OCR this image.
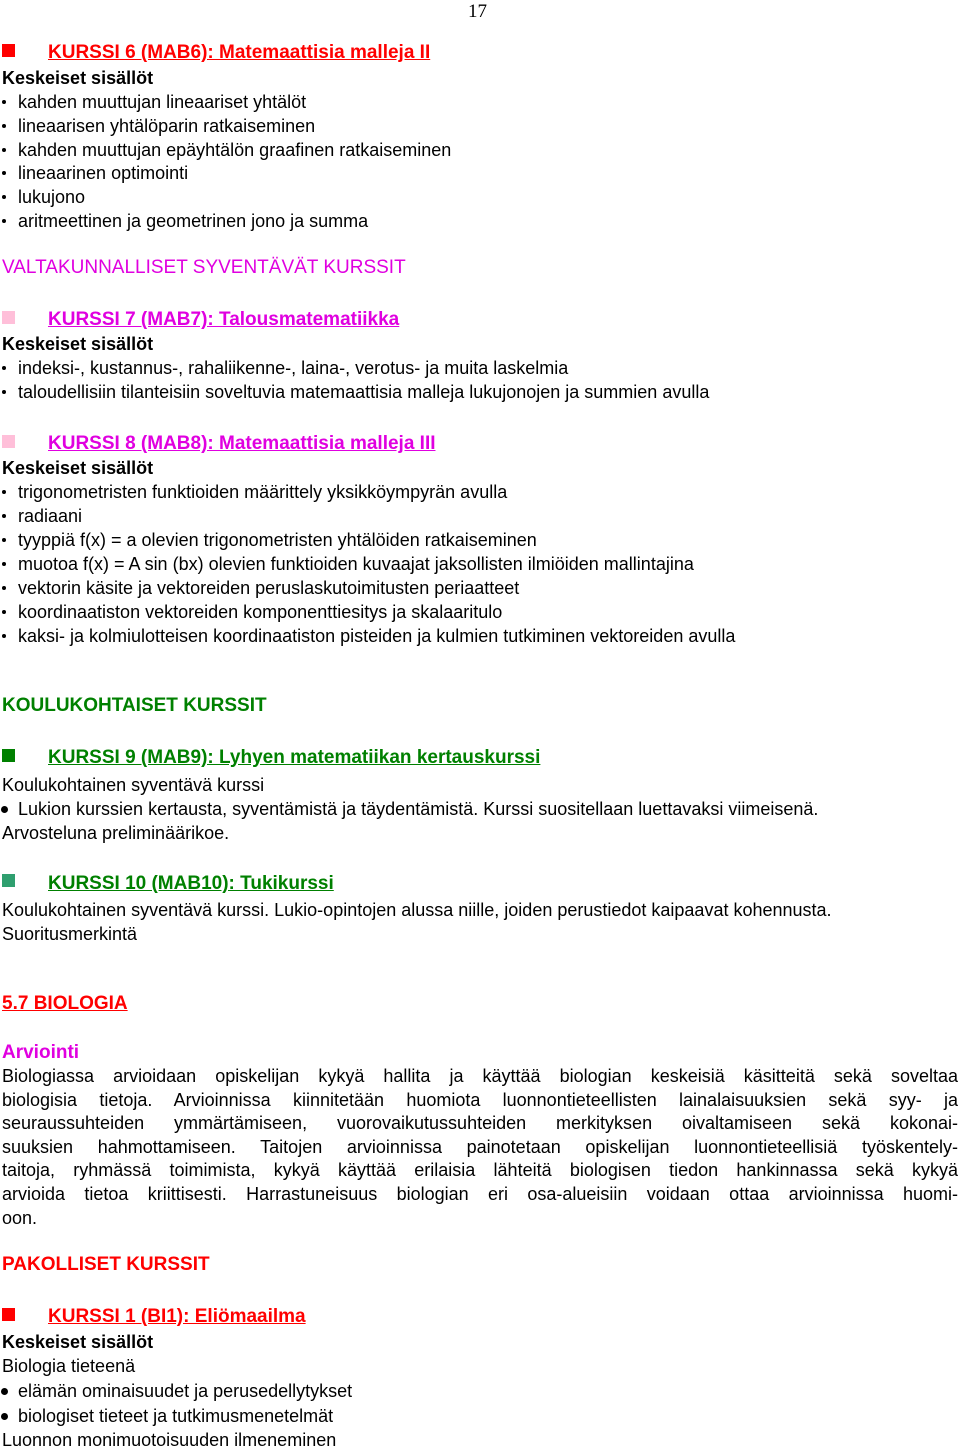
17
KURSSI 6 (MAB6): Matemaattisia malleja II
Keskeiset sisällöt
kahden muuttujan lineaariset yhtälöt
lineaarisen yhtälöparin ratkaiseminen
kahden muuttujan epäyhtälön graafinen ratkaiseminen
lineaarinen optimointi
lukujono
aritmeettinen ja geometrinen jono ja summa
VALTAKUNNALLISET SYVENTÄVÄT KURSSIT
KURSSI 7 (MAB7): Talousmatematiikka
Keskeiset sisällöt
indeksi-, kustannus-, rahaliikenne-, laina-, verotus- ja muita laskelmia
taloudellisiin tilanteisiin soveltuvia matemaattisia malleja lukujonojen ja summien avulla
KURSSI 8 (MAB8): Matemaattisia malleja III
Keskeiset sisällöt
trigonometristen funktioiden määrittely yksikköympyrän avulla
radiaani
tyyppiä f(x) = a olevien trigonometristen yhtälöiden ratkaiseminen
muotoa f(x) = A sin (bx) olevien funktioiden kuvaajat jaksollisten ilmiöiden mallintajina
vektorin käsite ja vektoreiden peruslaskutoimitusten periaatteet
koordinaatiston vektoreiden komponenttiesitys ja skalaaritulo
kaksi- ja kolmiulotteisen koordinaatiston pisteiden ja kulmien tutkiminen vektoreiden avulla
KOULUKOHTAISET KURSSIT
KURSSI 9 (MAB9): Lyhyen matematiikan kertauskurssi
Koulukohtainen syventävä kurssi
Lukion kurssien kertausta, syventämistä ja täydentämistä. Kurssi suositellaan luettavaksi viimeisenä.
Arvosteluna preliminäärikoe.
KURSSI 10 (MAB10): Tukikurssi
Koulukohtainen syventävä kurssi. Lukio-opintojen alussa niille, joiden perustiedot kaipaavat kohennusta.
Suoritusmerkintä
5.7 BIOLOGIA
Arviointi
Biologiassa arvioidaan opiskelijan kykyä hallita ja käyttää biologian keskeisiä käsitteitä sekä soveltaa
biologisia tietoja. Arvioinnissa kiinnitetään huomiota luonnontieteellisten lainalaisuuksien sekä syy- ja
seuraussuhteiden ymmärtämiseen, vuorovaikutussuhteiden merkityksen oivaltamiseen sekä kokonai-
suuksien hahmottamiseen. Taitojen arvioinnissa painotetaan opiskelijan luonnontieteellisiä työskentely-
taitoja, ryhmässä toimimista, kykyä käyttää erilaisia lähteitä biologisen tiedon hankinnassa sekä kykyä
arvioida tietoa kriittisesti. Harrastuneisuus biologian eri osa-alueisiin voidaan ottaa arvioinnissa huomi-
oon.
PAKOLLISET KURSSIT
KURSSI 1 (BI1): Eliömaailma
Keskeiset sisällöt
Biologia tieteenä
elämän ominaisuudet ja perusedellytykset
biologiset tieteet ja tutkimusmenetelmät
Luonnon monimuotoisuuden ilmeneminen
